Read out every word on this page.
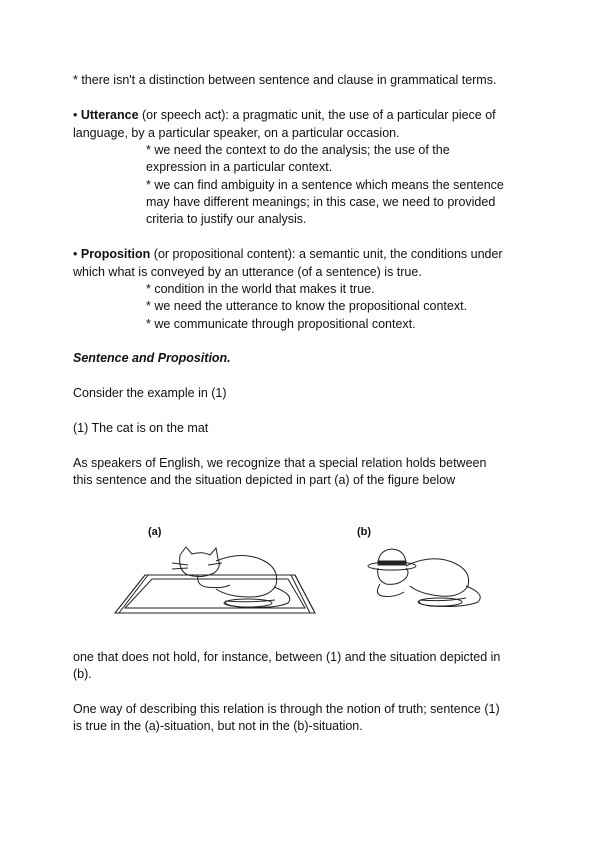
* there isn't a distinction between sentence and clause in grammatical terms.
• Utterance (or speech act): a pragmatic unit, the use of a particular piece of
language, by a particular speaker, on a particular occasion.
* we need the context to do the analysis; the use of the
expression in a particular context.
* we can find ambiguity in a sentence which means the sentence
may have different meanings; in this case, we need to provided
criteria to justify our analysis.
• Proposition (or propositional content): a semantic unit, the conditions under
which what is conveyed by an utterance (of a sentence) is true.
* condition in the world that makes it true.
* we need the utterance to know the propositional context.
* we communicate through propositional context.
Sentence and Proposition.
Consider the example in (1)
(1) The cat is on the mat
As speakers of English, we recognize that a special relation holds between
this sentence and the situation depicted in part (a) of the figure below
(a)	(b)
one that does not hold, for instance, between (1) and the situation depicted in
(b).
One way of describing this relation is through the notion of truth; sentence (1)
is true in the (a)-situation, but not in the (b)-situation.
